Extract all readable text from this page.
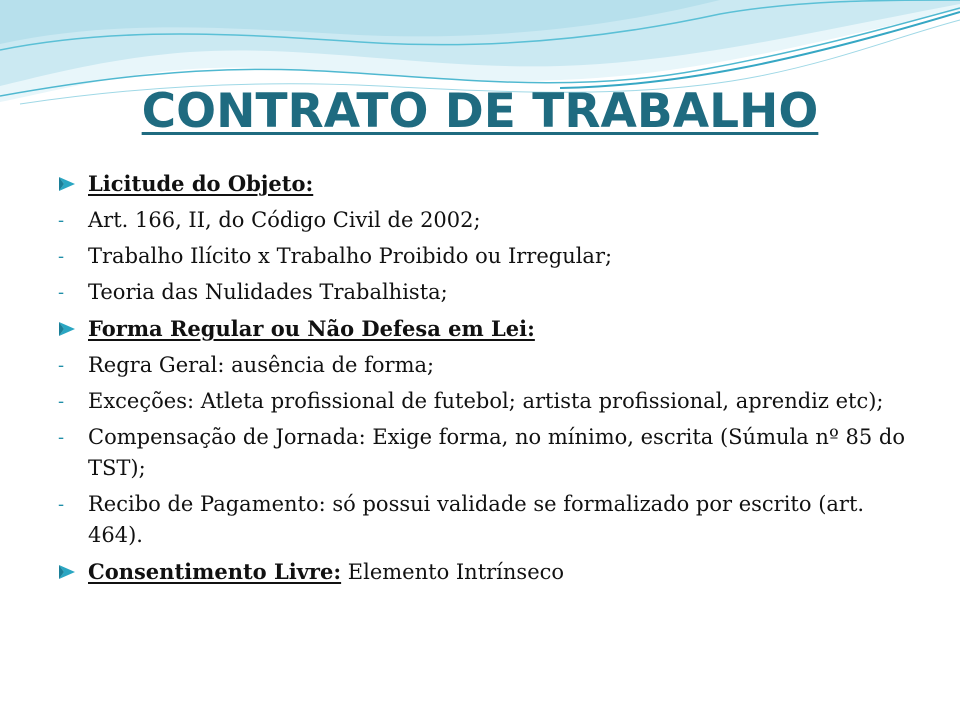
CONTRATO DE TRABALHO
Licitude do Objeto:
-	Art. 166, II, do Código Civil de 2002;
-	Trabalho Ilícito x Trabalho Proibido ou Irregular;
-	Teoria das Nulidades Trabalhista;
Forma Regular ou Não Defesa em Lei:
-	Regra Geral: ausência de forma;
-	Exceções: Atleta profissional de futebol; artista profissional, aprendiz etc);
-	Compensação de Jornada: Exige forma, no mínimo, escrita (Súmula nº 85 do TST);
-	Recibo de Pagamento: só possui validade se formalizado por escrito (art. 464).
Consentimento Livre: Elemento Intrínseco
